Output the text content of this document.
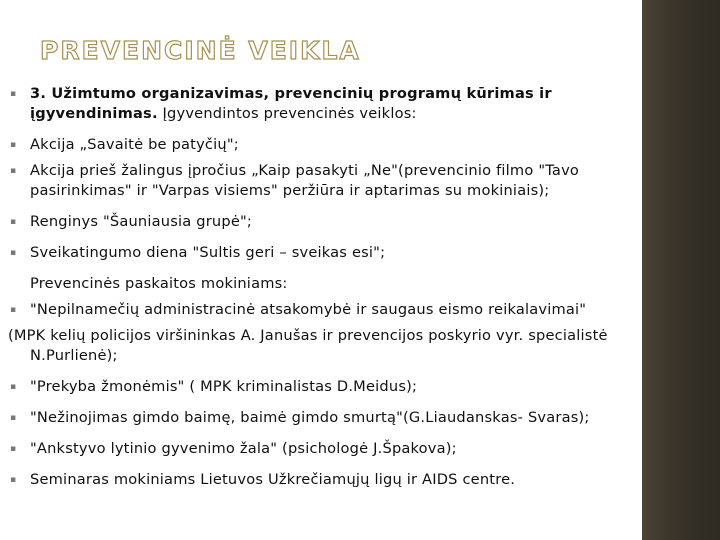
PREVENCINĖ VEIKLA
▪ 3. Užimtumo organizavimas, prevencinių programų kūrimas ir įgyvendinimas. Įgyvendintos prevencinės veiklos:
▪ Akcija „Savaitė be patyčių";
▪ Akcija prieš žalingus įpročius „Kaip pasakyti „Ne"(prevencinio filmo "Tavo pasirinkimas" ir "Varpas visiems" peržiūra ir aptarimas su mokiniais);
▪ Renginys "Šauniausia grupė";
▪ Sveikatingumo diena "Sultis geri – sveikas esi";
Prevencinės paskaitos mokiniams:
▪ "Nepilnamečių administracinė atsakomybė ir saugaus eismo reikalavimai"
(MPK kelių policijos viršininkas A. Janušas ir prevencijos poskyrio vyr. specialistė N.Purlienė);
▪ "Prekyba žmonėmis" ( MPK kriminalistas D.Meidus);
▪ "Nežinojimas gimdo baimę, baimė gimdo smurtą"(G.Liaudanskas- Svaras);
▪ "Ankstyvo lytinio gyvenimo žala" (psichologė J.Špakova);
▪ Seminaras mokiniams Lietuvos Užkrečiamųjų ligų ir AIDS centre.
